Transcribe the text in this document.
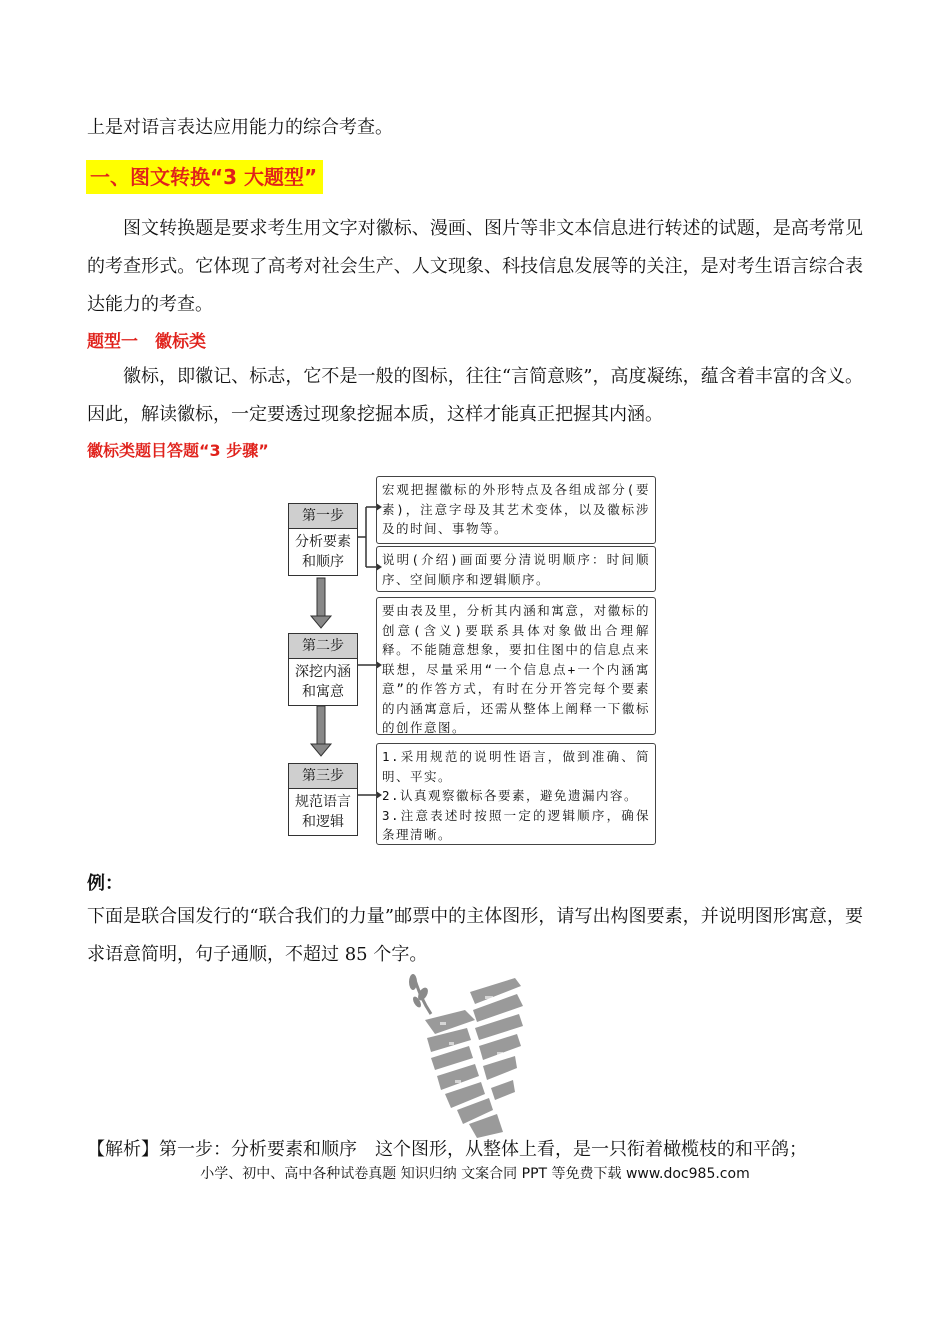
上是对语言表达应用能力的综合考查。
一、图文转换“3 大题型”
图文转换题是要求考生用文字对徽标、漫画、图片等非文本信息进行转述的试题，是高考常见的考查形式。它体现了高考对社会生产、人文现象、科技信息发展等的关注，是对考生语言综合表达能力的考查。
题型一　徽标类
徽标，即徽记、标志，它不是一般的图标，往往“言简意赅”，高度凝练，蕴含着丰富的含义。因此，解读徽标，一定要透过现象挖掘本质，这样才能真正把握其内涵。
徽标类题目答题“3 步骤”
第一步
分析要素和顺序
第二步
深挖内涵和寓意
第三步
规范语言和逻辑
宏观把握徽标的外形特点及各组成部分(要素)，注意字母及其艺术变体，以及徽标涉及的时间、事物等。
说明(介绍)画面要分清说明顺序：时间顺序、空间顺序和逻辑顺序。
要由表及里，分析其内涵和寓意，对徽标的创意(含义)要联系具体对象做出合理解释。不能随意想象，要扣住图中的信息点来联想，尽量采用“一个信息点+一个内涵寓意”的作答方式，有时在分开答完每个要素的内涵寓意后，还需从整体上阐释一下徽标的创作意图。
1.采用规范的说明性语言，做到准确、简明、平实。
2.认真观察徽标各要素，避免遗漏内容。
3.注意表述时按照一定的逻辑顺序，确保条理清晰。
例：
下面是联合国发行的“联合我们的力量”邮票中的主体图形，请写出构图要素，并说明图形寓意，要求语意简明，句子通顺，不超过 85 个字。
【解析】第一步：分析要素和顺序　这个图形，从整体上看，是一只衔着橄榄枝的和平鸽；
小学、初中、高中各种试卷真题 知识归纳 文案合同 PPT 等免费下载 www.doc985.com
